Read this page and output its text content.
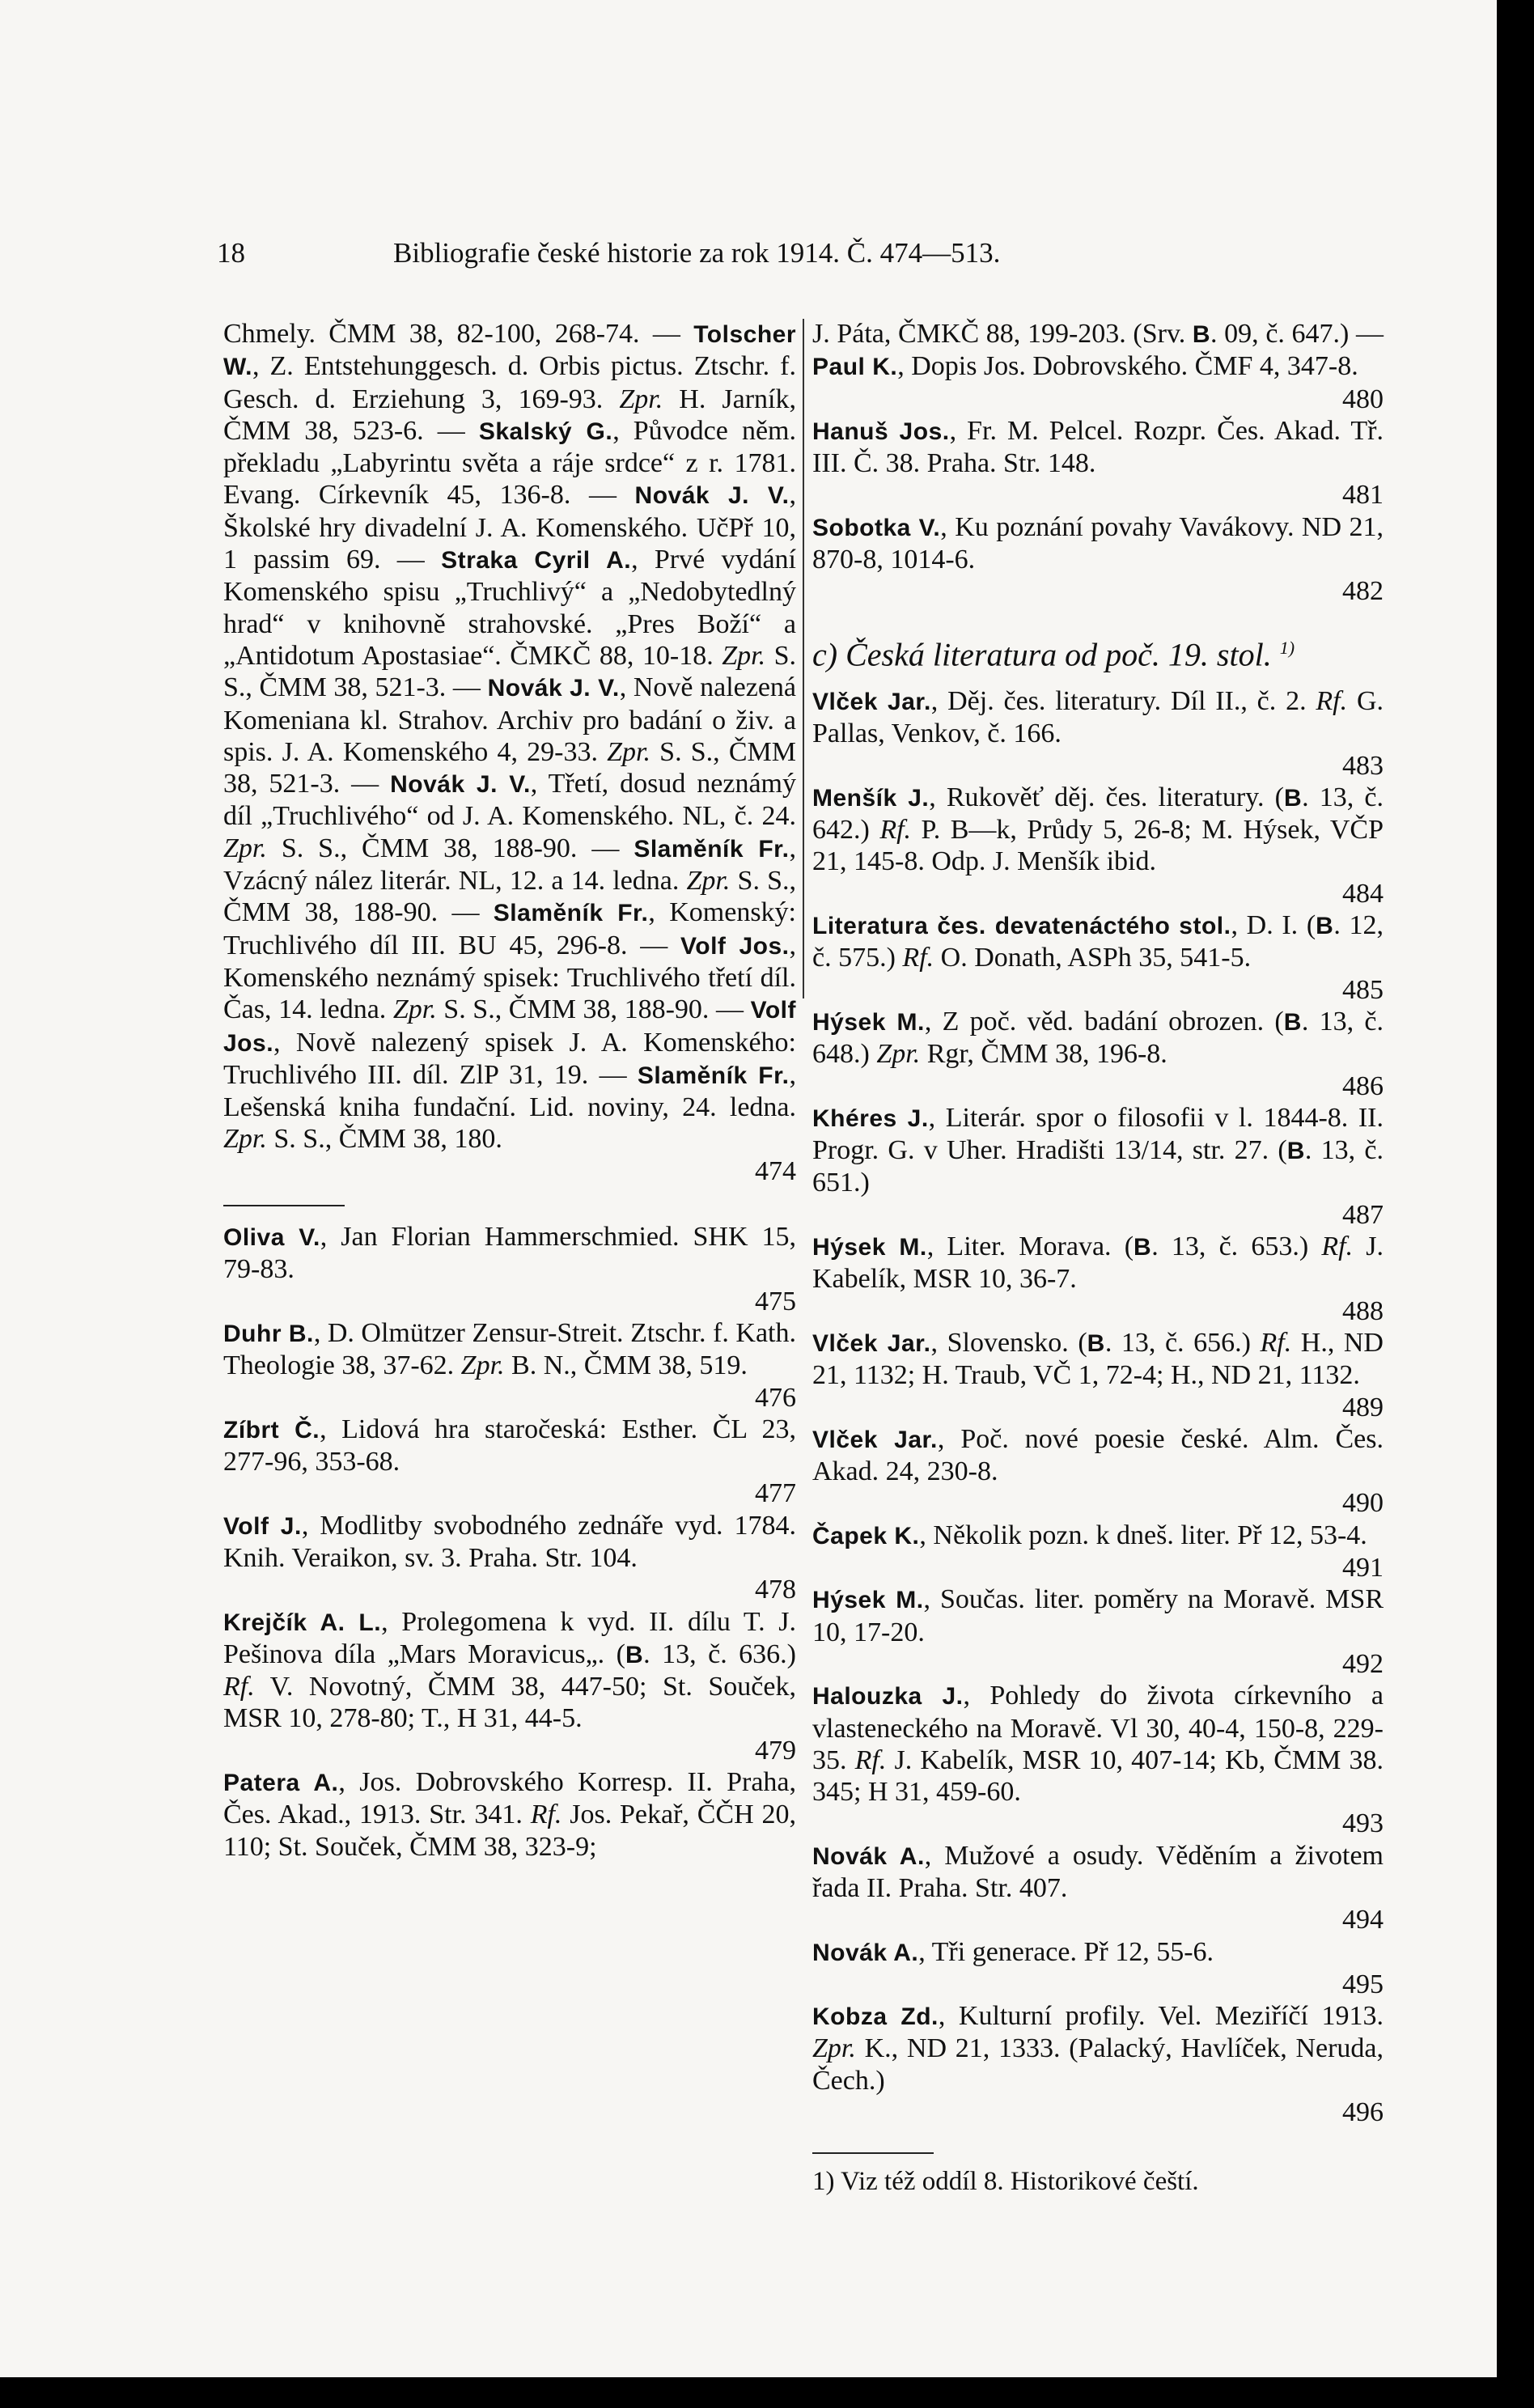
18	Bibliografie české historie za rok 1914. Č. 474—513.

Chmely. ČMM 38, 82-100, 268-74. — Tolscher W., Z. Entstehunggesch. d. Orbis pictus. Ztschr. f. Gesch. d. Erziehung 3, 169-93. Zpr. H. Jarník, ČMM 38, 523-6. — Skalský G., Původce něm. překladu „Labyrintu světa a ráje srdce“ z r. 1781. Evang. Církevník 45, 136-8. — Novák J. V., Školské hry divadelní J. A. Komenského. UčPř 10, 1 passim 69. — Straka Cyril A., Prvé vydání Komenského spisu „Truchlivý“ a „Nedobytedlný hrad“ v knihovně strahovské. „Pres Boží“ a „Antidotum Apostasiae“. ČMKČ 88, 10-18. Zpr. S. S., ČMM 38, 521-3. — Novák J. V., Nově nalezená Komeniana kl. Strahov. Archiv pro badání o živ. a spis. J. A. Komenského 4, 29-33. Zpr. S. S., ČMM 38, 521-3. — Novák J. V., Třetí, dosud neznámý díl „Truchlivého“ od J. A. Komenského. NL, č. 24. Zpr. S. S., ČMM 38, 188-90. — Slaměník Fr., Vzácný nález literár. NL, 12. a 14. ledna. Zpr. S. S., ČMM 38, 188-90. — Slaměník Fr., Komenský: Truchlivého díl III. BU 45, 296-8. — Volf Jos., Komenského neznámý spisek: Truchlivého třetí díl. Čas, 14. ledna. Zpr. S. S., ČMM 38, 188-90. — Volf Jos., Nově nalezený spisek J. A. Komenského: Truchlivého III. díl. ZlP 31, 19. — Slaměník Fr., Lešenská kniha fundační. Lid. noviny, 24. ledna. Zpr. S. S., ČMM 38, 180.

474

Oliva V., Jan Florian Hammerschmied. SHK 15, 79-83.

475

Duhr B., D. Olmützer Zensur-Streit. Ztschr. f. Kath. Theologie 38, 37-62. Zpr. B. N., ČMM 38, 519.

476

Zíbrt Č., Lidová hra staročeská: Esther. ČL 23, 277-96, 353-68.

477

Volf J., Modlitby svobodného zednáře vyd. 1784. Knih. Veraikon, sv. 3. Praha. Str. 104.

478

Krejčík A. L., Prolegomena k vyd. II. dílu T. J. Pešinova díla „Mars Moravicus„. (B. 13, č. 636.) Rf. V. Novotný, ČMM 38, 447-50; St. Souček, MSR 10, 278-80; T., H 31, 44-5.

479

Patera A., Jos. Dobrovského Korresp. II. Praha, Čes. Akad., 1913. Str. 341. Rf. Jos. Pekař, ČČH 20, 110; St. Souček, ČMM 38, 323-9;

J. Páta, ČMKČ 88, 199-203. (Srv. B. 09, č. 647.) — Paul K., Dopis Jos. Dobrovského. ČMF 4, 347-8.

480

Hanuš Jos., Fr. M. Pelcel. Rozpr. Čes. Akad. Tř. III. Č. 38. Praha. Str. 148.

481

Sobotka V., Ku poznání povahy Vavákovy. ND 21, 870-8, 1014-6.

482
c) Česká literatura od poč. 19. stol. $^{1)}$

Vlček Jar., Děj. čes. literatury. Díl II., č. 2. Rf. G. Pallas, Venkov, č. 166.

483

Menšík J., Rukověť děj. čes. literatury. (B. 13, č. 642.) Rf. P. B—k, Průdy 5, 26-8; M. Hýsek, VČP 21, 145-8. Odp. J. Menšík ibid.

484

Literatura čes. devatenáctého stol., D. I. (B. 12, č. 575.) Rf. O. Donath, ASPh 35, 541-5.

485

Hýsek M., Z poč. věd. badání obrozen. (B. 13, č. 648.) Zpr. Rgr, ČMM 38, 196-8.

486

Khéres J., Literár. spor o filosofii v l. 1844-8. II. Progr. G. v Uher. Hradišti 13/14, str. 27. (B. 13, č. 651.)

487

Hýsek M., Liter. Morava. (B. 13, č. 653.) Rf. J. Kabelík, MSR 10, 36-7.

488

Vlček Jar., Slovensko. (B. 13, č. 656.) Rf. H., ND 21, 1132; H. Traub, VČ 1, 72-4; H., ND 21, 1132.

489

Vlček Jar., Poč. nové poesie české. Alm. Čes. Akad. 24, 230-8.

490

Čapek K., Několik pozn. k dneš. liter. Př 12, 53-4.

491

Hýsek M., Součas. liter. poměry na Moravě. MSR 10, 17-20.

492

Halouzka J., Pohledy do života církevního a vlasteneckého na Moravě. Vl 30, 40-4, 150-8, 229-35. Rf. J. Kabelík, MSR 10, 407-14; Kb, ČMM 38. 345; H 31, 459-60.

493

Novák A., Mužové a osudy. Věděním a životem řada II. Praha. Str. 407.

494

Novák A., Tři generace. Př 12, 55-6.

495

Kobza Zd., Kulturní profily. Vel. Meziříčí 1913. Zpr. K., ND 21, 1333. (Palacký, Havlíček, Neruda, Čech.)

496
1) Viz též oddíl 8. Historikové čeští.
